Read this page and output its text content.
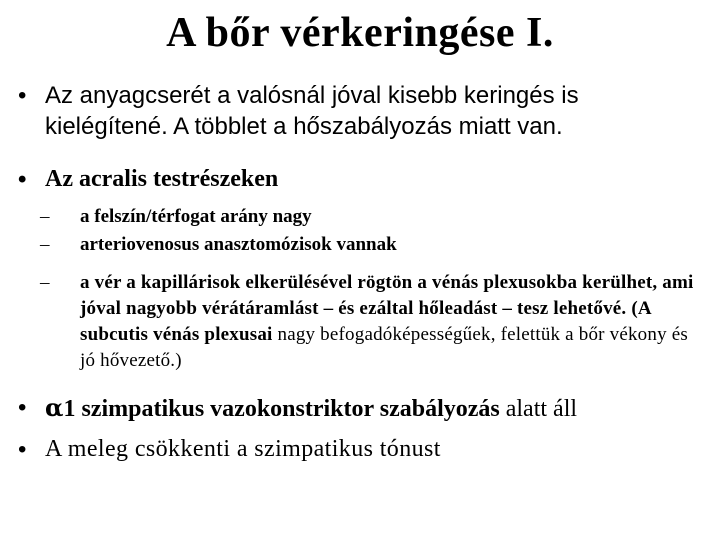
A bőr vérkeringése I.
• Az anyagcserét a valósnál jóval kisebb keringés is kielégítené. A többlet a hőszabályozás miatt van.
• Az acralis testrészeken
–	a felszín/térfogat arány nagy
–	arteriovenosus anasztomózisok vannak
–	a vér a kapillárisok elkerülésével rögtön a vénás plexusokba kerülhet, ami jóval nagyobb vérátáramlást – és ezáltal hőleadást – tesz lehetővé. (A subcutis vénás plexusai nagy befogadóképességűek, felettük a bőr vékony és jó hővezető.)
• α1 szimpatikus vazokonstriktor szabályozás alatt áll
• A meleg csökkenti a szimpatikus tónust
